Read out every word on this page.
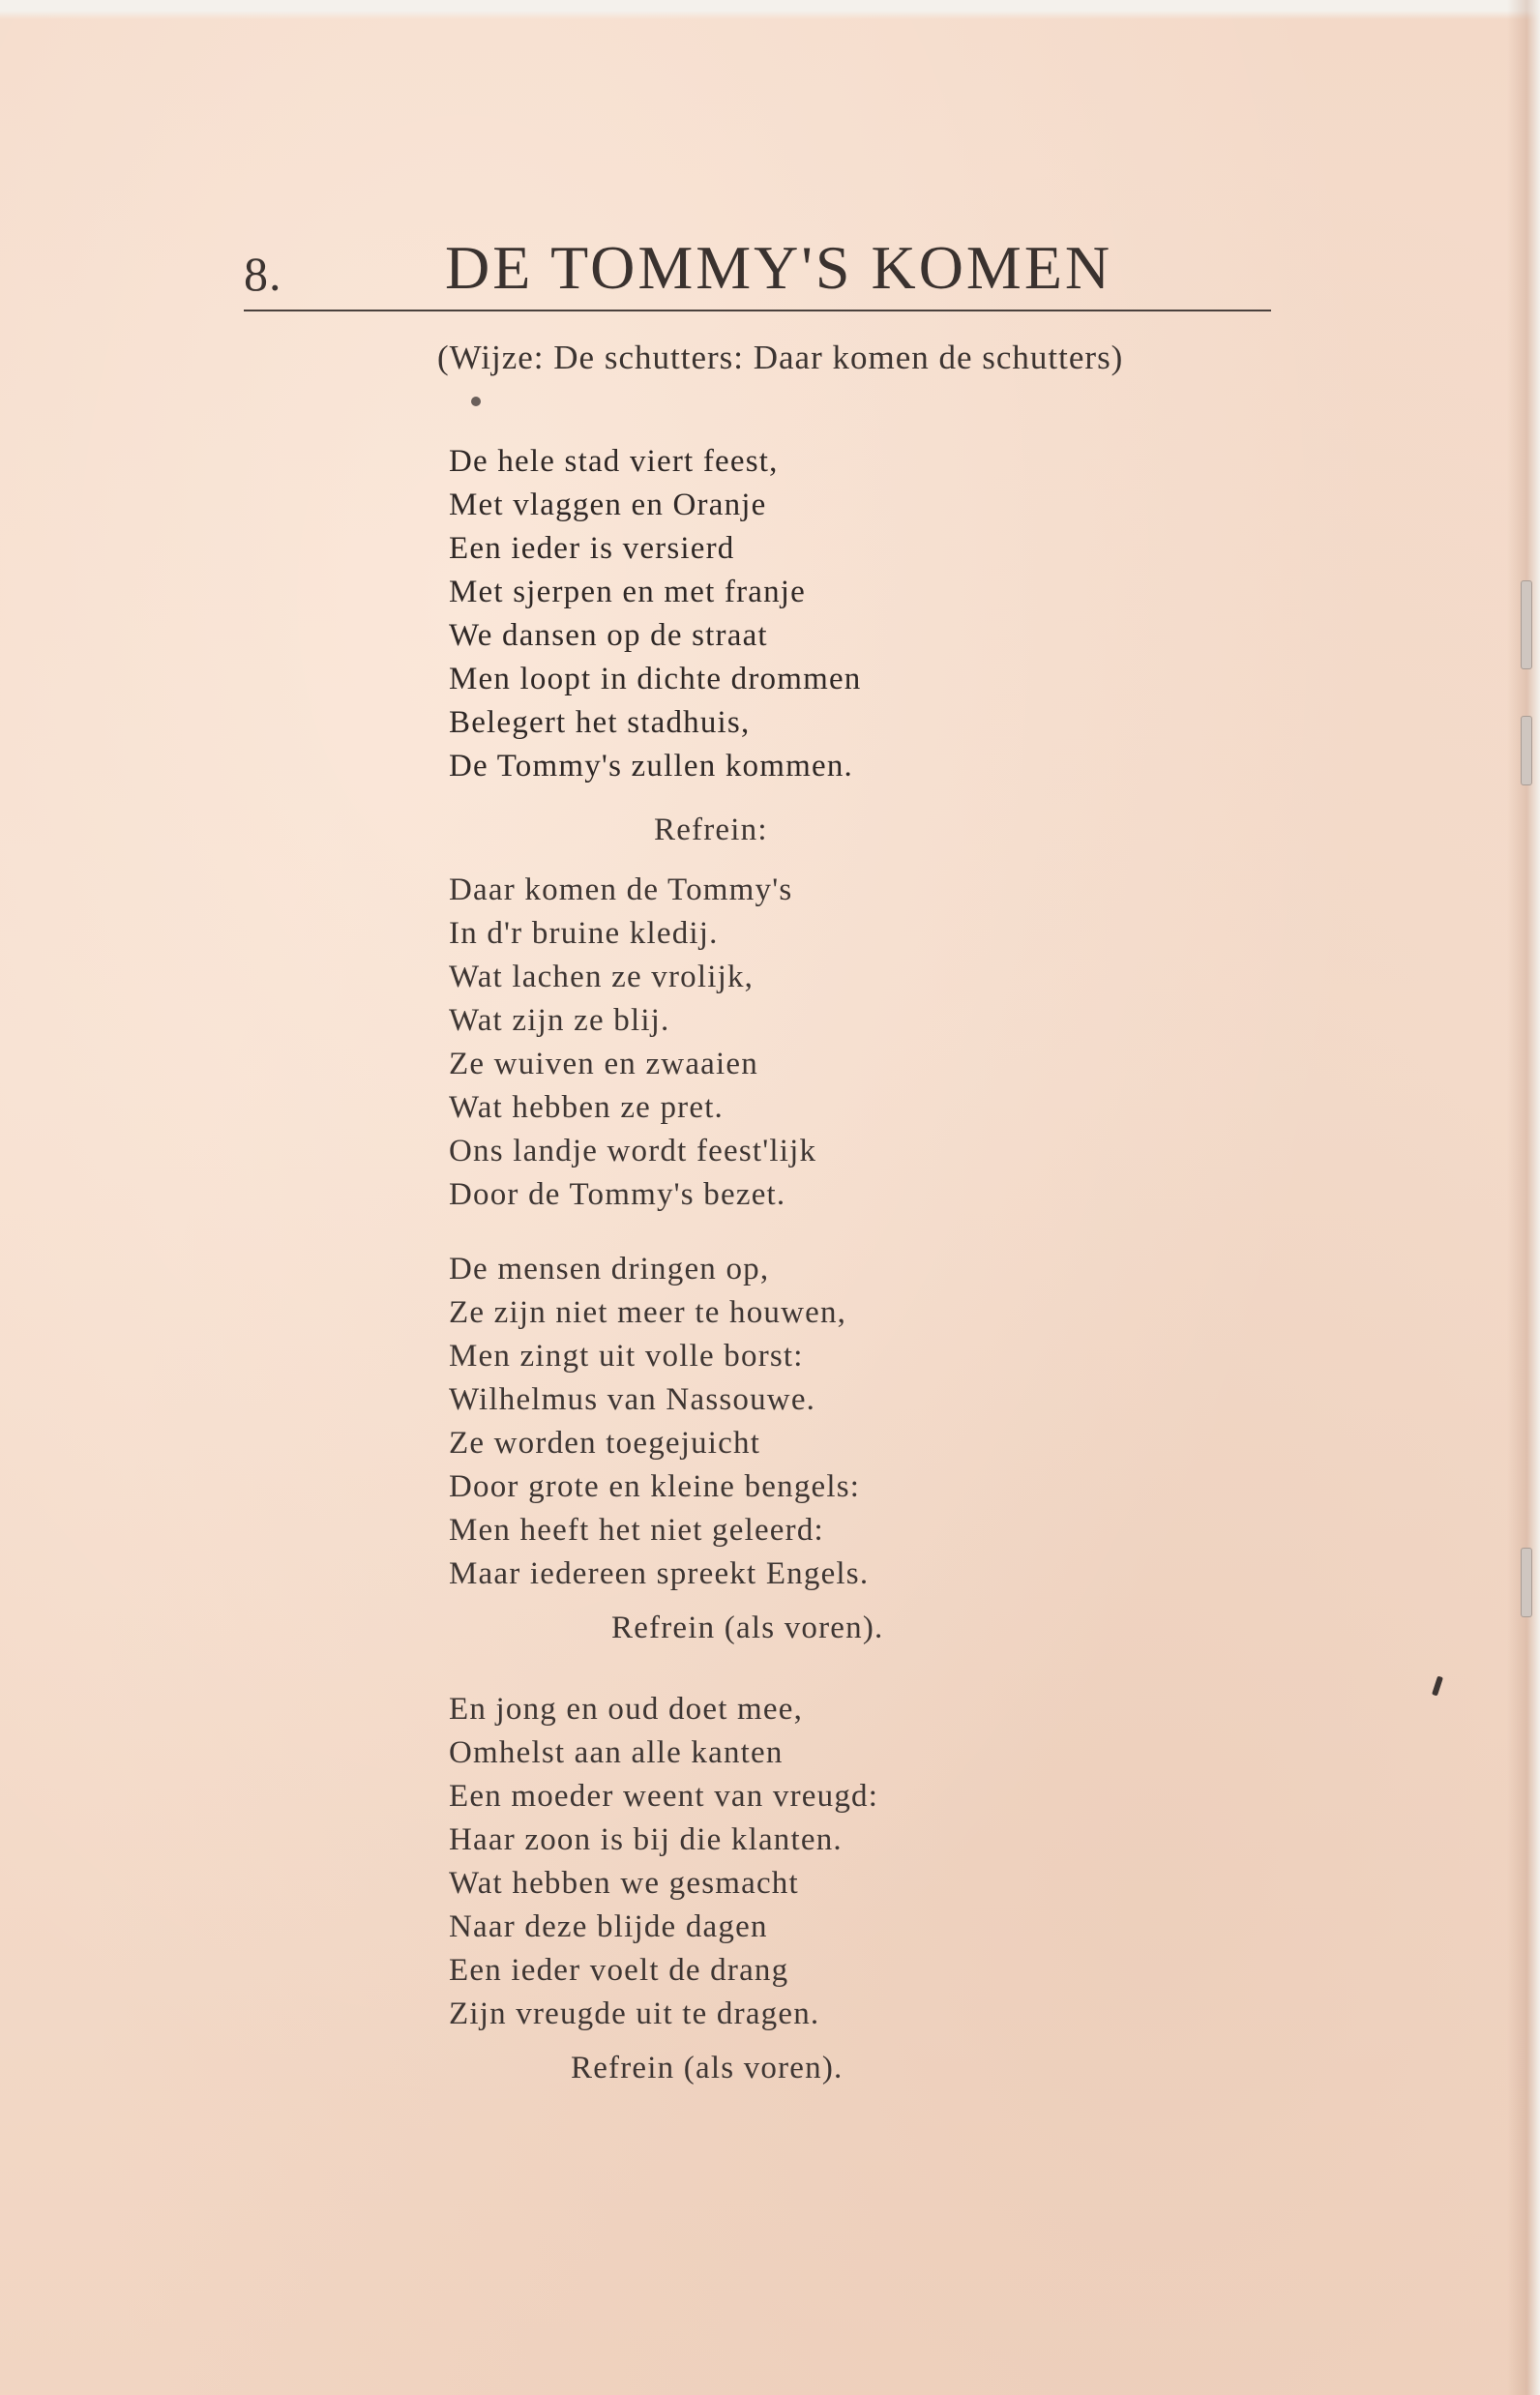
8.	DE TOMMY'S KOMEN
(Wijze: De schutters: Daar komen de schutters)
De hele stad viert feest,
Met vlaggen en Oranje
Een ieder is versierd
Met sjerpen en met franje
We dansen op de straat
Men loopt in dichte drommen
Belegert het stadhuis,
De Tommy's zullen kommen.
Refrein:
Daar komen de Tommy's
In d'r bruine kledij.
Wat lachen ze vrolijk,
Wat zijn ze blij.
Ze wuiven en zwaaien
Wat hebben ze pret.
Ons landje wordt feest'lijk
Door de Tommy's bezet.
De mensen dringen op,
Ze zijn niet meer te houwen,
Men zingt uit volle borst:
Wilhelmus van Nassouwe.
Ze worden toegejuicht
Door grote en kleine bengels:
Men heeft het niet geleerd:
Maar iedereen spreekt Engels.
Refrein (als voren).
En jong en oud doet mee,
Omhelst aan alle kanten
Een moeder weent van vreugd:
Haar zoon is bij die klanten.
Wat hebben we gesmacht
Naar deze blijde dagen
Een ieder voelt de drang
Zijn vreugde uit te dragen.
Refrein (als voren).
